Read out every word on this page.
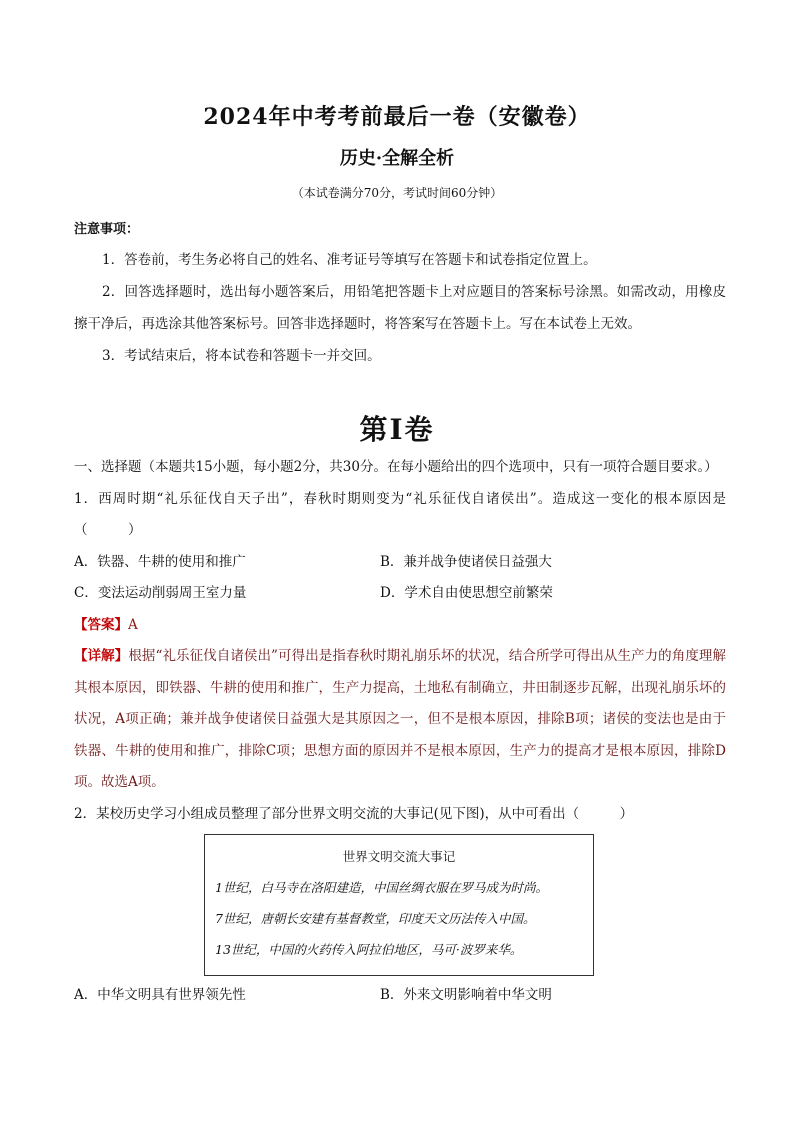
2024年中考考前最后一卷（安徽卷）
历史·全解全析
（本试卷满分70分，考试时间60分钟）
注意事项：
1．答卷前，考生务必将自己的姓名、准考证号等填写在答题卡和试卷指定位置上。
2．回答选择题时，选出每小题答案后，用铅笔把答题卡上对应题目的答案标号涂黑。如需改动，用橡皮擦干净后，再选涂其他答案标号。回答非选择题时，将答案写在答题卡上。写在本试卷上无效。
3．考试结束后，将本试卷和答题卡一并交回。
第Ⅰ卷
一、选择题（本题共15小题，每小题2分，共30分。在每小题给出的四个选项中，只有一项符合题目要求。）
1．西周时期“礼乐征伐自天子出”，春秋时期则变为“礼乐征伐自诸侯出”。造成这一变化的根本原因是（　　　）
A．铁器、牛耕的使用和推广	B．兼并战争使诸侯日益强大
C．变法运动削弱周王室力量	D．学术自由使思想空前繁荣
【答案】A
【详解】根据“礼乐征伐自诸侯出”可得出是指春秋时期礼崩乐坏的状况，结合所学可得出从生产力的角度理解其根本原因，即铁器、牛耕的使用和推广，生产力提高，土地私有制确立，井田制逐步瓦解，出现礼崩乐坏的状况，A项正确；兼并战争使诸侯日益强大是其原因之一，但不是根本原因，排除B项；诸侯的变法也是由于铁器、牛耕的使用和推广，排除C项；思想方面的原因并不是根本原因，生产力的提高才是根本原因，排除D项。故选A项。
2．某校历史学习小组成员整理了部分世界文明交流的大事记(见下图)，从中可看出（　　　）
世界文明交流大事记
1世纪，白马寺在洛阳建造，中国丝绸衣服在罗马成为时尚。
7世纪，唐朝长安建有基督教堂，印度天文历法传入中国。
13世纪，中国的火药传入阿拉伯地区，马可·波罗来华。
A．中华文明具有世界领先性	B．外来文明影响着中华文明
